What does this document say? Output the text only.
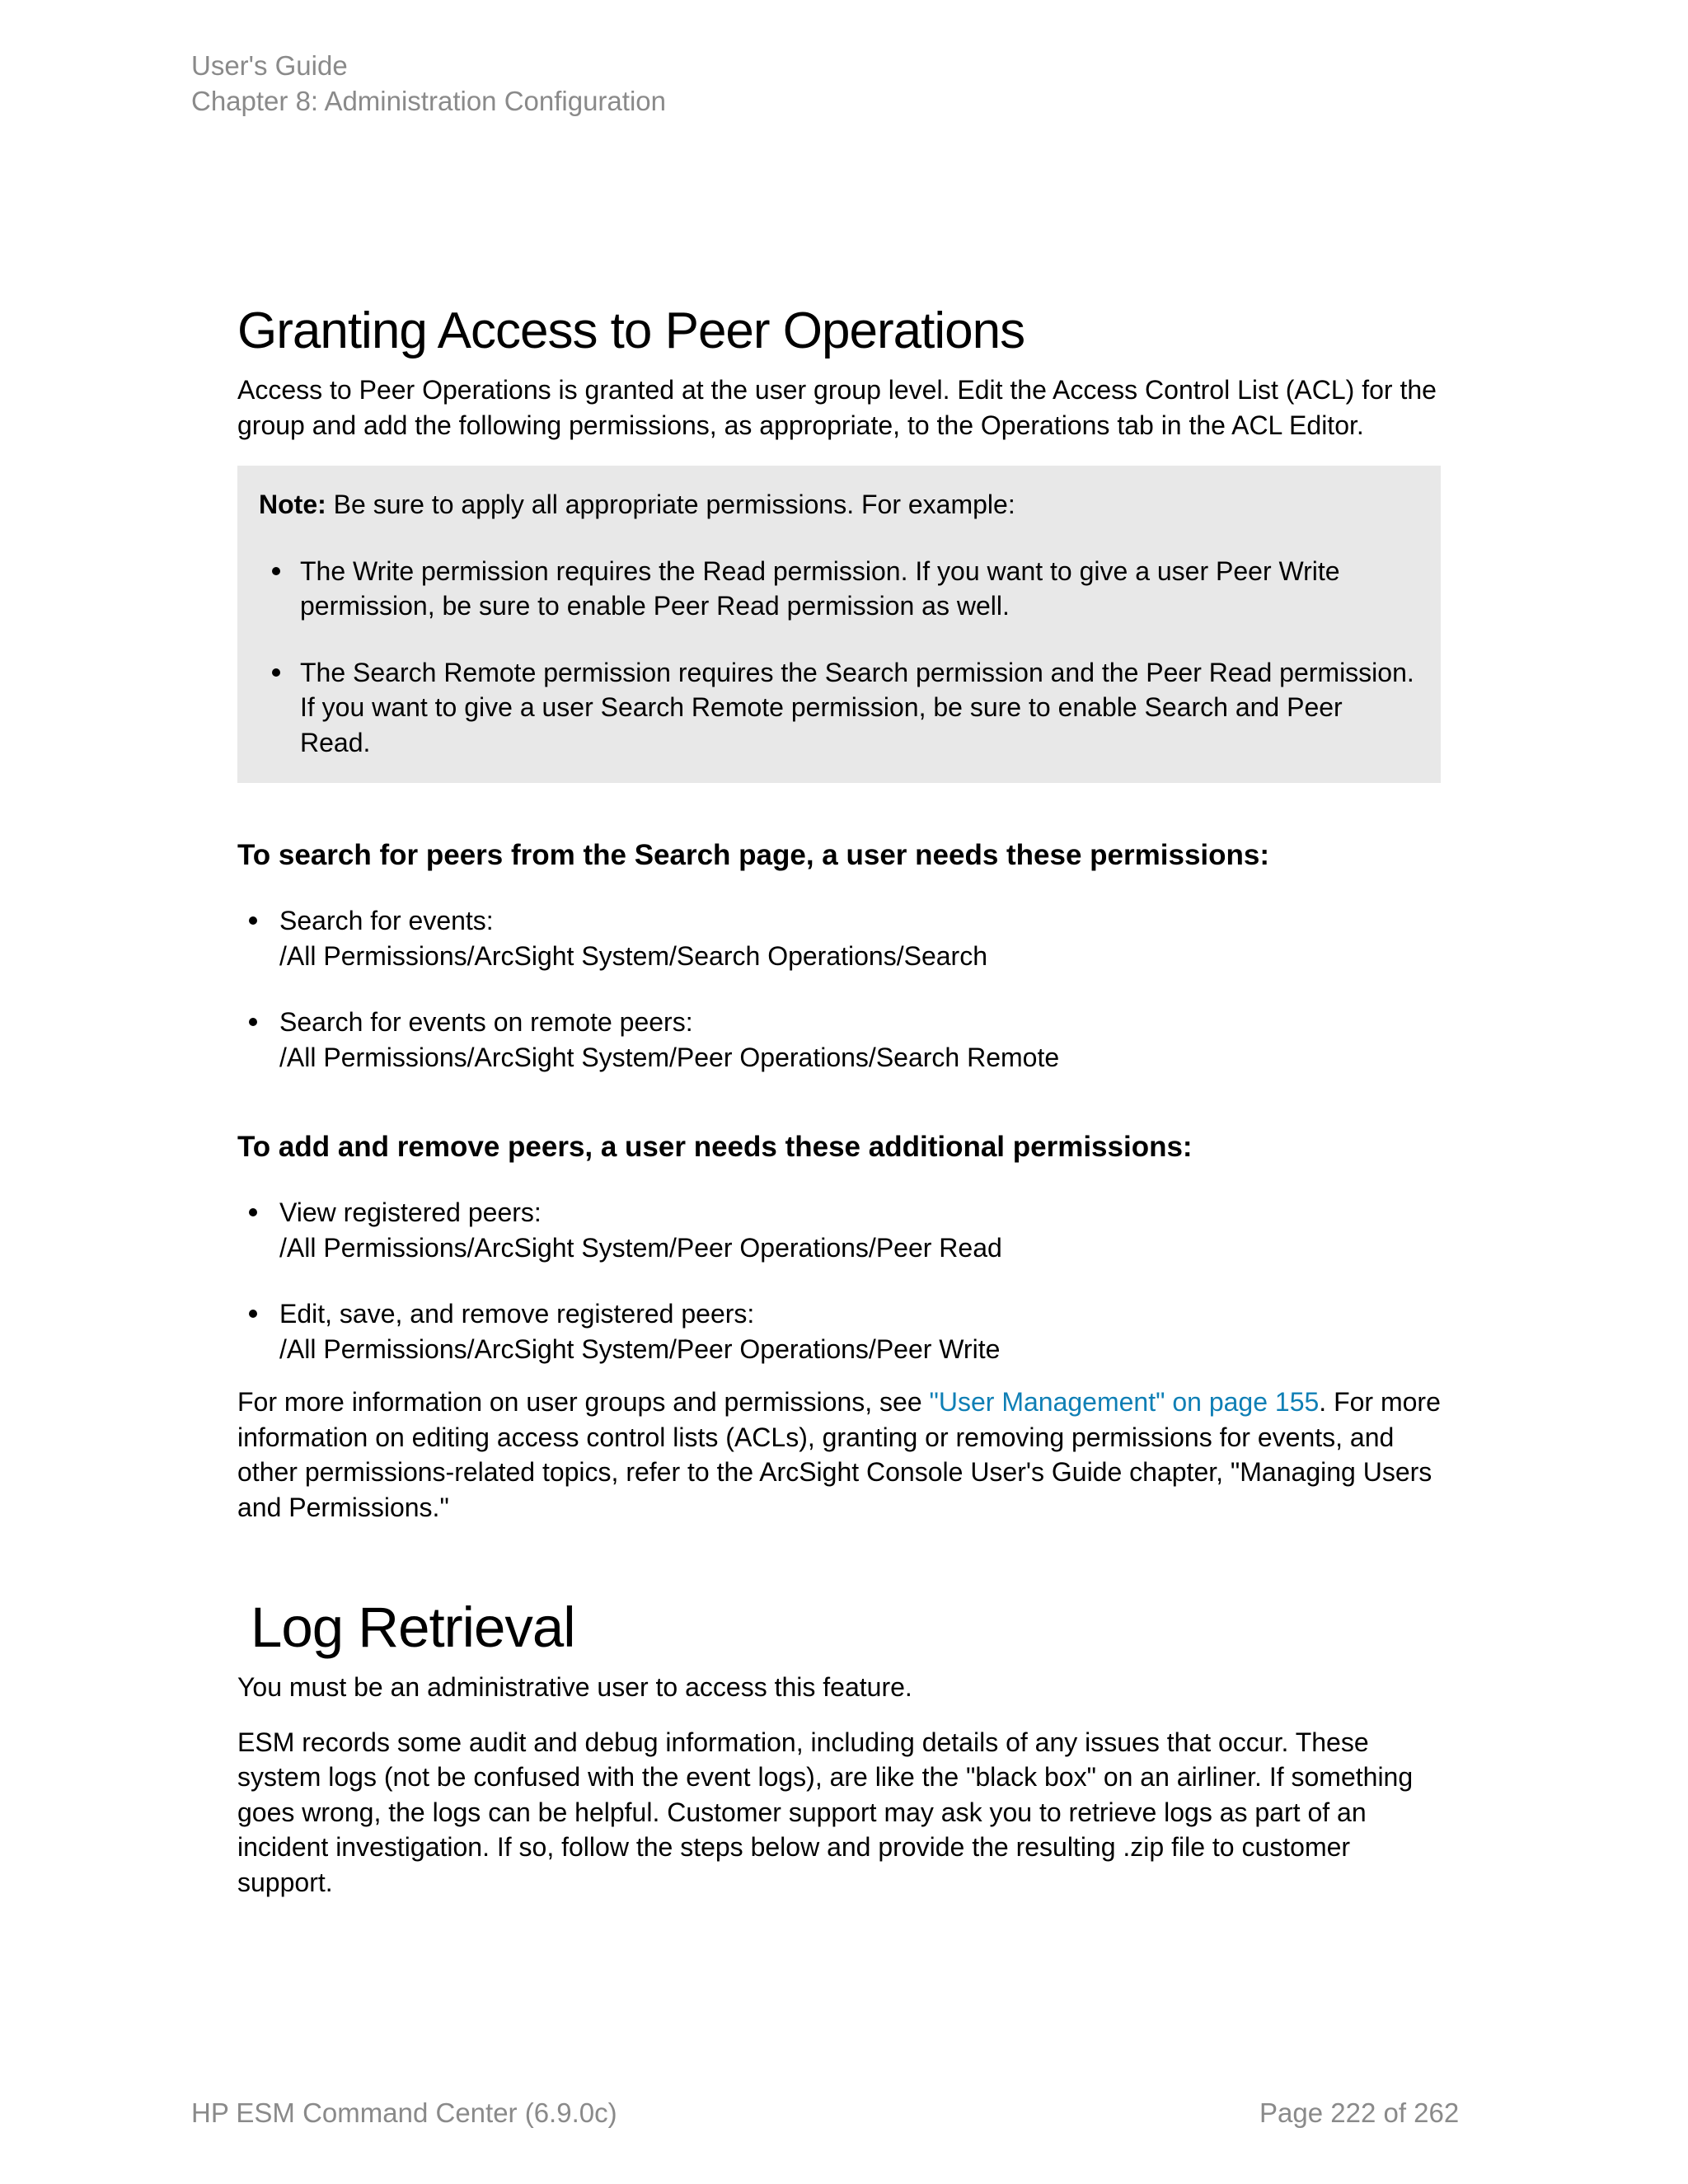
User's Guide
Chapter 8: Administration Configuration
Granting Access to Peer Operations

Access to Peer Operations is granted at the user group level. Edit the Access Control List (ACL) for the group and add the following permissions, as appropriate, to the Operations tab in the ACL Editor.

Note: Be sure to apply all appropriate permissions. For example:

The Write permission requires the Read permission. If you want to give a user Peer Write permission, be sure to enable Peer Read permission as well.
The Search Remote permission requires the Search permission and the Peer Read permission. If you want to give a user Search Remote permission, be sure to enable Search and Peer Read.
To search for peers from the Search page, a user needs these permissions:
Search for events:
/All Permissions/ArcSight System/Search Operations/Search
Search for events on remote peers:
/All Permissions/ArcSight System/Peer Operations/Search Remote
To add and remove peers, a user needs these additional permissions:
View registered peers:
/All Permissions/ArcSight System/Peer Operations/Peer Read
Edit, save, and remove registered peers:
/All Permissions/ArcSight System/Peer Operations/Peer Write

For more information on user groups and permissions, see "User Management" on page 155. For more information on editing access control lists (ACLs), granting or removing permissions for events, and other permissions-related topics, refer to the ArcSight Console User's Guide chapter, "Managing Users and Permissions."

Log Retrieval

You must be an administrative user to access this feature.

ESM records some audit and debug information, including details of any issues that occur. These system logs (not be confused with the event logs), are like the "black box" on an airliner. If something goes wrong, the logs can be helpful. Customer support may ask you to retrieve logs as part of an incident investigation. If so, follow the steps below and provide the resulting .zip file to customer support.

HP ESM Command Center (6.9.0c)	Page 222 of 262
